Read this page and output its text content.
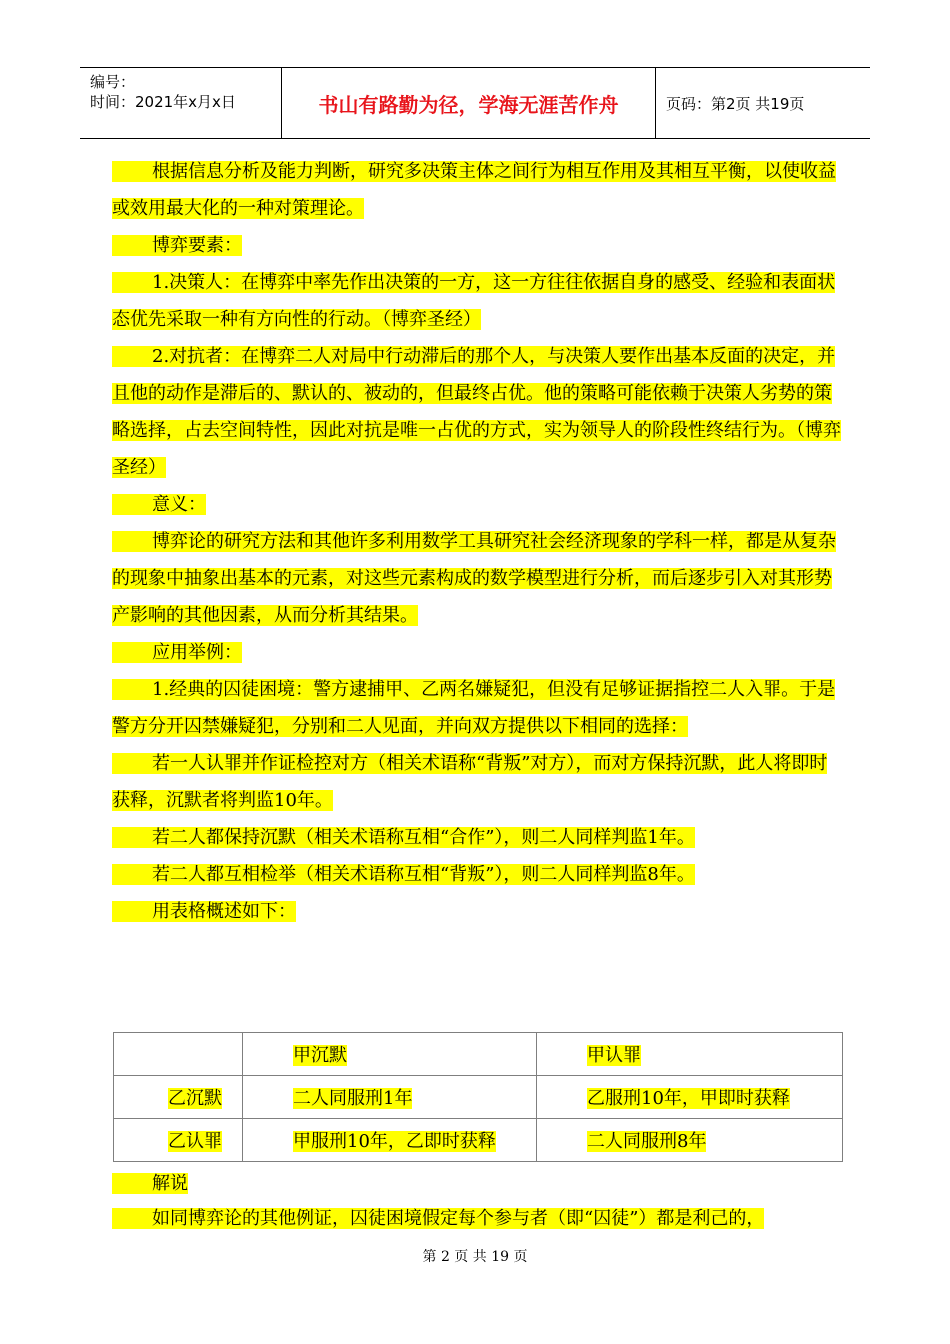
编号：
时间：2021年x月x日	书山有路勤为径，学海无涯苦作舟	页码：第2页 共19页
根据信息分析及能力判断，研究多决策主体之间行为相互作用及其相互平衡，以使收益或效用最大化的一种对策理论。
博弈要素：
1.决策人：在博弈中率先作出决策的一方，这一方往往依据自身的感受、经验和表面状态优先采取一种有方向性的行动。（博弈圣经）
2.对抗者：在博弈二人对局中行动滞后的那个人，与决策人要作出基本反面的决定，并且他的动作是滞后的、默认的、被动的，但最终占优。他的策略可能依赖于决策人劣势的策略选择，占去空间特性，因此对抗是唯一占优的方式，实为领导人的阶段性终结行为。（博弈圣经）
意义：
博弈论的研究方法和其他许多利用数学工具研究社会经济现象的学科一样，都是从复杂的现象中抽象出基本的元素，对这些元素构成的数学模型进行分析，而后逐步引入对其形势产影响的其他因素，从而分析其结果。
应用举例：
1.经典的囚徒困境：警方逮捕甲、乙两名嫌疑犯，但没有足够证据指控二人入罪。于是警方分开囚禁嫌疑犯，分别和二人见面，并向双方提供以下相同的选择：
若一人认罪并作证检控对方（相关术语称“背叛”对方），而对方保持沉默，此人将即时获释，沉默者将判监10年。
若二人都保持沉默（相关术语称互相“合作”），则二人同样判监1年。
若二人都互相检举（相关术语称互相“背叛”），则二人同样判监8年。
用表格概述如下：
	甲沉默	甲认罪
乙沉默	二人同服刑1年	乙服刑10年，甲即时获释
乙认罪	甲服刑10年，乙即时获释	二人同服刑8年
解说
如同博弈论的其他例证，囚徒困境假定每个参与者（即“囚徒”）都是利己的，
第 2 页 共 19 页
